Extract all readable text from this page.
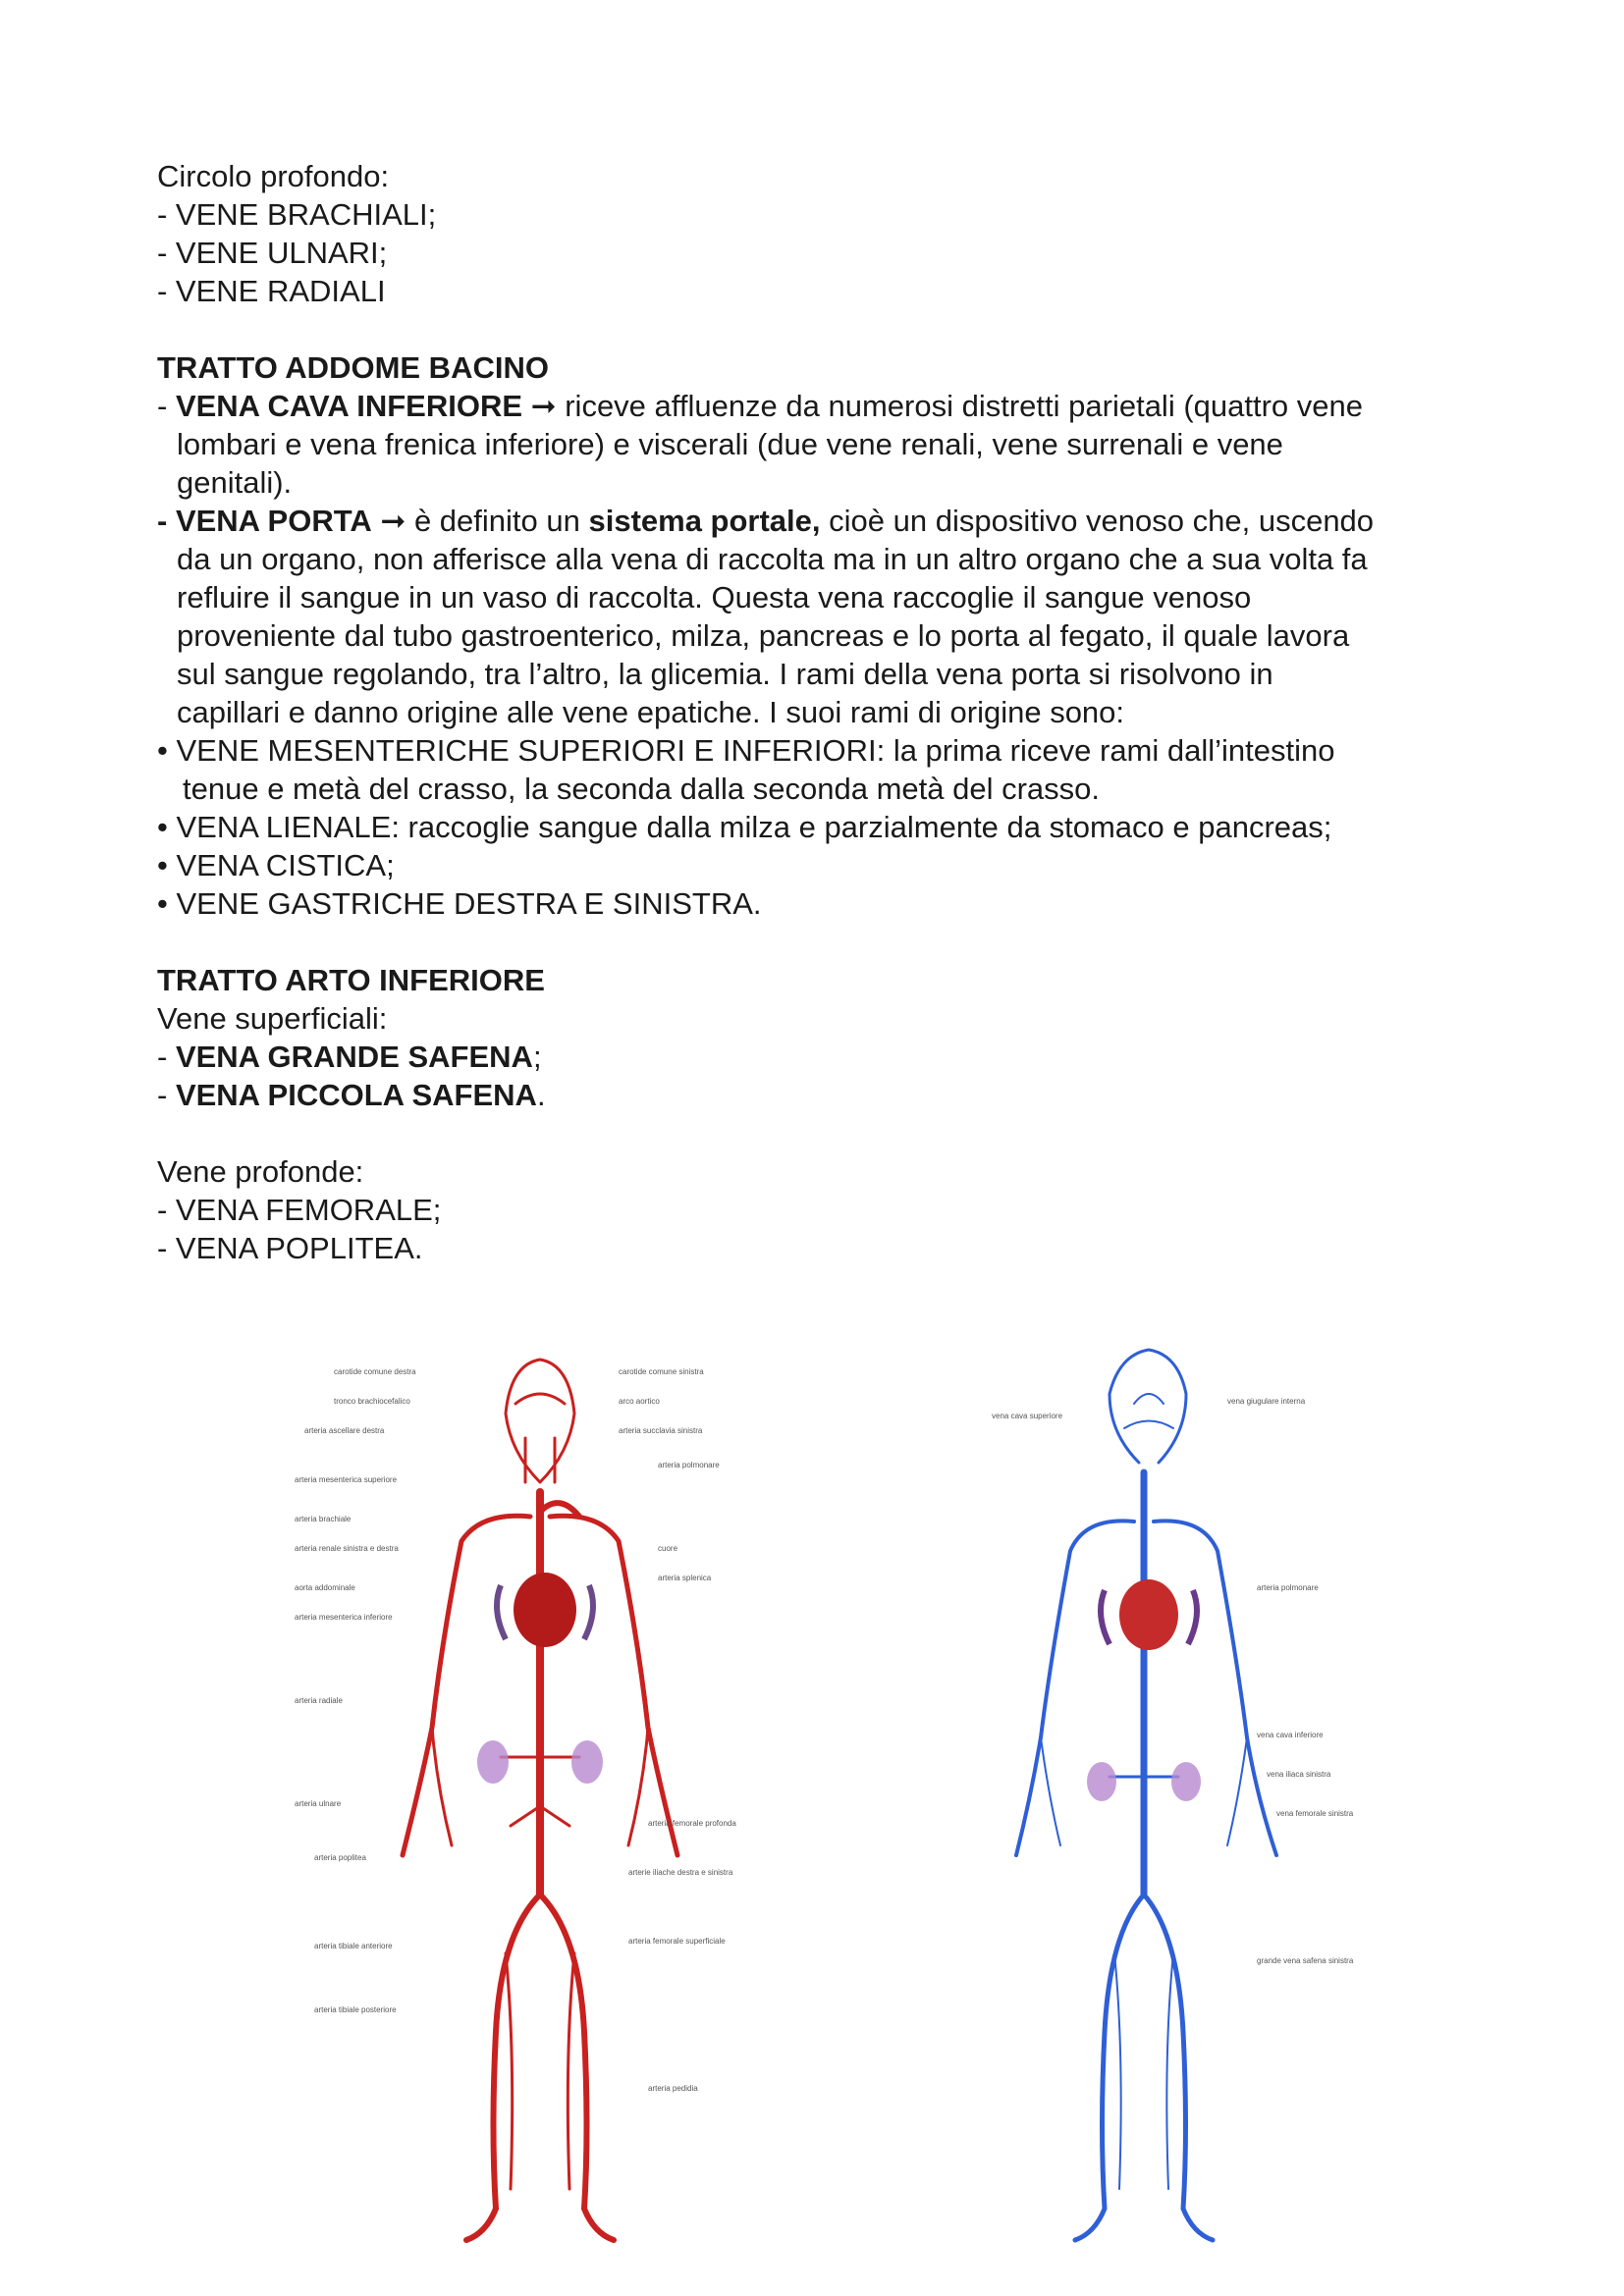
Circolo profondo:
- VENE BRACHIALI;
- VENE ULNARI;
- VENE RADIALI
TRATTO ADDOME BACINO
- VENA CAVA INFERIORE ➞ riceve affluenze da numerosi distretti parietali (quattro vene
lombari e vena frenica inferiore) e viscerali (due vene renali, vene surrenali e vene
genitali).
- VENA PORTA ➞ è definito un sistema portale, cioè un dispositivo venoso che, uscendo
da un organo, non afferisce alla vena di raccolta ma in un altro organo che a sua volta fa
refluire il sangue in un vaso di raccolta. Questa vena raccoglie il sangue venoso
proveniente dal tubo gastroenterico, milza, pancreas e lo porta al fegato, il quale lavora
sul sangue regolando, tra l’altro, la glicemia. I rami della vena porta si risolvono in
capillari e danno origine alle vene epatiche. I suoi rami di origine sono:
• VENE MESENTERICHE SUPERIORI E INFERIORI: la prima riceve rami dall’intestino
tenue e metà del crasso, la seconda dalla seconda metà del crasso.
• VENA LIENALE: raccoglie sangue dalla milza e parzialmente da stomaco e pancreas;
• VENA CISTICA;
• VENE GASTRICHE DESTRA E SINISTRA.
TRATTO ARTO INFERIORE
Vene superficiali:
- VENA GRANDE SAFENA;
- VENA PICCOLA SAFENA.
Vene profonde:
- VENA FEMORALE;
- VENA POPLITEA.
carotide comune destra	carotide comune sinistra
tronco brachiocefalico	arco aortico
arteria ascellare destra	arteria succlavia sinistra
arteria polmonare
arteria mesenterica superiore
arteria brachiale
cuore
arteria renale sinistra e destra
arteria splenica
aorta addominale
arteria mesenterica inferiore
arteria radiale
arteria ulnare
arteria femorale profonda
arteria poplitea
arterie iliache destra e sinistra
arteria tibiale anteriore
arteria femorale superficiale
arteria tibiale posteriore
arteria pedidia
vena cava superiore
vena giugulare interna
arteria polmonare
vena cava inferiore
vena iliaca sinistra
vena femorale sinistra
grande vena safena sinistra
